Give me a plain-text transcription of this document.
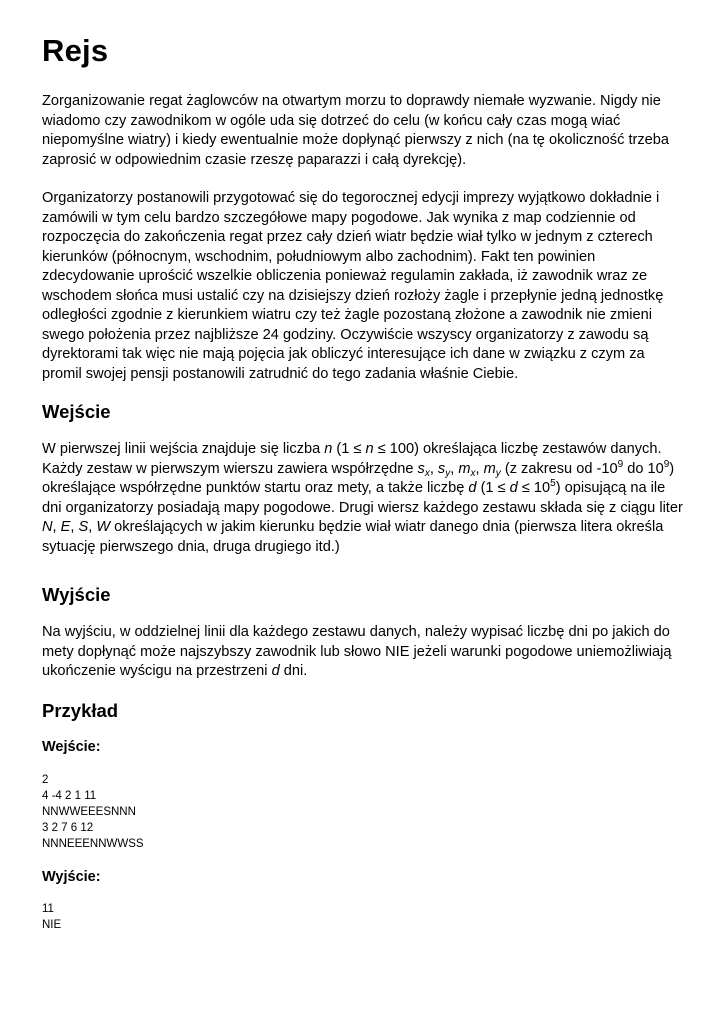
Rejs

Zorganizowanie regat żaglowców na otwartym morzu to doprawdy niemałe wyzwanie. Nigdy nie wiadomo czy zawodnikom w ogóle uda się dotrzeć do celu (w końcu cały czas mogą wiać niepomyślne wiatry) i kiedy ewentualnie może dopłynąć pierwszy z nich (na tę okoliczność trzeba zaprosić w odpowiednim czasie rzeszę paparazzi i całą dyrekcję).

Organizatorzy postanowili przygotować się do tegorocznej edycji imprezy wyjątkowo dokładnie i zamówili w tym celu bardzo szczegółowe mapy pogodowe. Jak wynika z map codziennie od rozpoczęcia do zakończenia regat przez cały dzień wiatr będzie wiał tylko w jednym z czterech kierunków (północnym, wschodnim, południowym albo zachodnim). Fakt ten powinien zdecydowanie uprościć wszelkie obliczenia ponieważ regulamin zakłada, iż zawodnik wraz ze wschodem słońca musi ustalić czy na dzisiejszy dzień rozłoży żagle i przepłynie jedną jednostkę odległości zgodnie z kierunkiem wiatru czy też żagle pozostaną złożone a zawodnik nie zmieni swego położenia przez najbliższe 24 godziny. Oczywiście wszyscy organizatorzy z zawodu są dyrektorami tak więc nie mają pojęcia jak obliczyć interesujące ich dane w związku z czym za promil swojej pensji postanowili zatrudnić do tego zadania właśnie Ciebie.

Wejście

W pierwszej linii wejścia znajduje się liczba n (1 ≤ n ≤ 100) określająca liczbę zestawów danych. Każdy zestaw w pierwszym wierszu zawiera współrzędne $s_x$, $s_y$, $m_x$, $m_y$ (z zakresu od $-10^9$ do $10^9$) określające współrzędne punktów startu oraz mety, a także liczbę d $(1 \le d \le 10^5)$ opisującą na ile dni organizatorzy posiadają mapy pogodowe. Drugi wiersz każdego zestawu składa się z ciągu liter N, E, S, W określających w jakim kierunku będzie wiał wiatr danego dnia (pierwsza litera określa sytuację pierwszego dnia, druga drugiego itd.)

Wyjście

Na wyjściu, w oddzielnej linii dla każdego zestawu danych, należy wypisać liczbę dni po jakich do mety dopłynąć może najszybszy zawodnik lub słowo NIE jeżeli warunki pogodowe uniemożliwiają ukończenie wyścigu na przestrzeni d dni.

Przykład
Wejście:
2
4 -4 2 1 11
NNWWEEESNNN
3 2 7 6 12
NNNEEENNWWSS
Wyjście:
11
NIE
